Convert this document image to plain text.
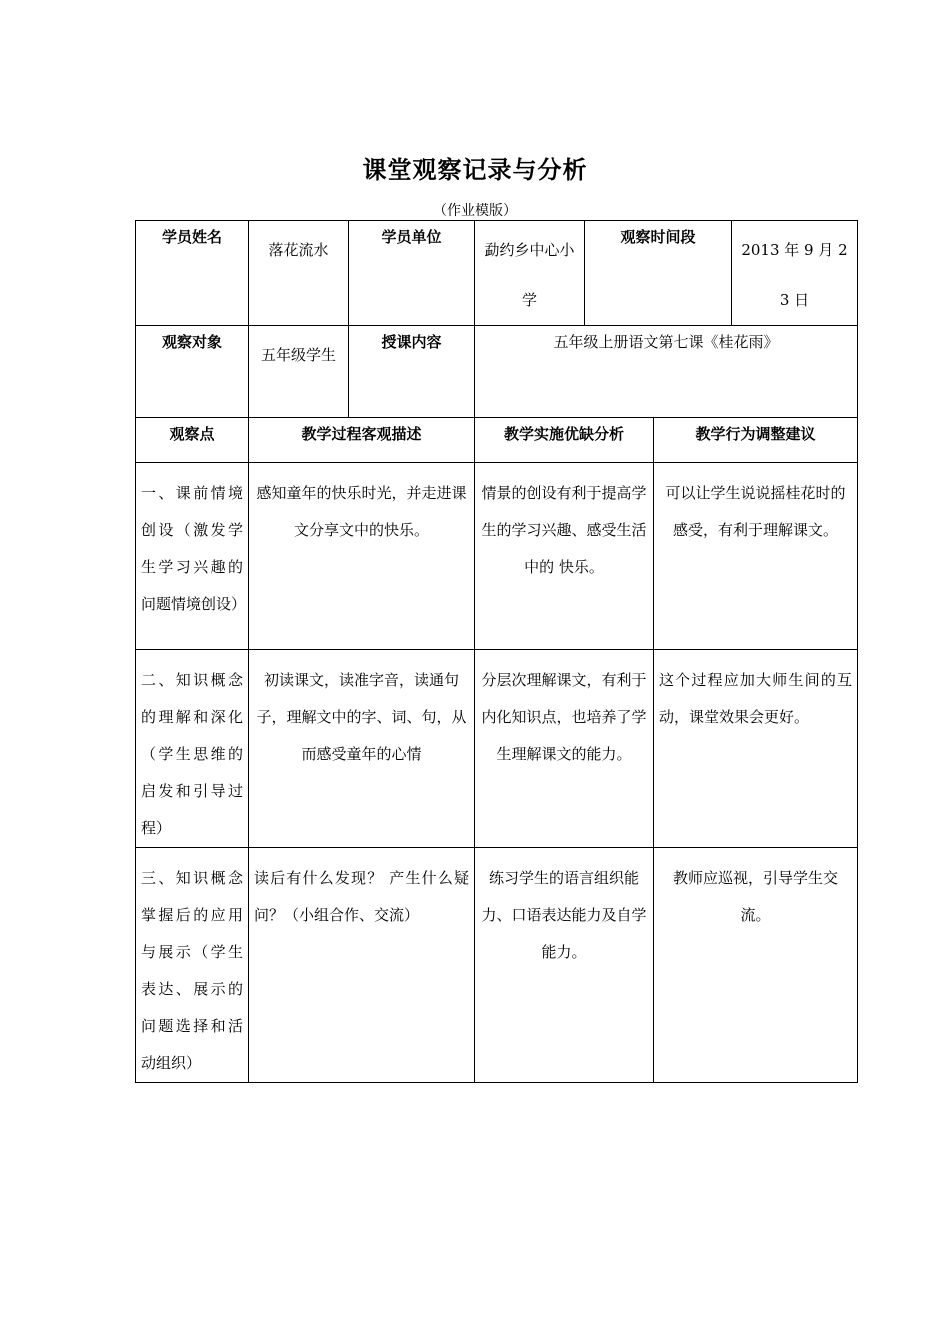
课堂观察记录与分析
（作业模版）
学员姓名	落花流水	学员单位	勐约乡中心小学	观察时间段		2013 年 9 月 23 日
观察对象	五年级学生	授课内容	五年级上册语文第七课《桂花雨》			
观察点	教学过程客观描述		教学实施优缺分析		教学行为调整建议	
一、课前情境创设（激发学生学习兴趣的问题情境创设）	感知童年的快乐时光，并走进课文分享文中的快乐。		情景的创设有利于提高学生的学习兴趣、感受生活中的 快乐。		可以让学生说说摇桂花时的感受，有利于理解课文。	
二、知识概念的理解和深化（学生思维的启发和引导过程）	初读课文，读准字音，读通句子，理解文中的字、词、句，从而感受童年的心情		分层次理解课文，有利于内化知识点，也培养了学生理解课文的能力。		这个过程应加大师生间的互动，课堂效果会更好。	
三、知识概念掌握后的应用与展示（学生表达、展示的问题选择和活动组织）	读后有什么发现？ 产生什么疑问？（小组合作、交流）		练习学生的语言组织能力、口语表达能力及自学能力。		教师应巡视，引导学生交流。	
